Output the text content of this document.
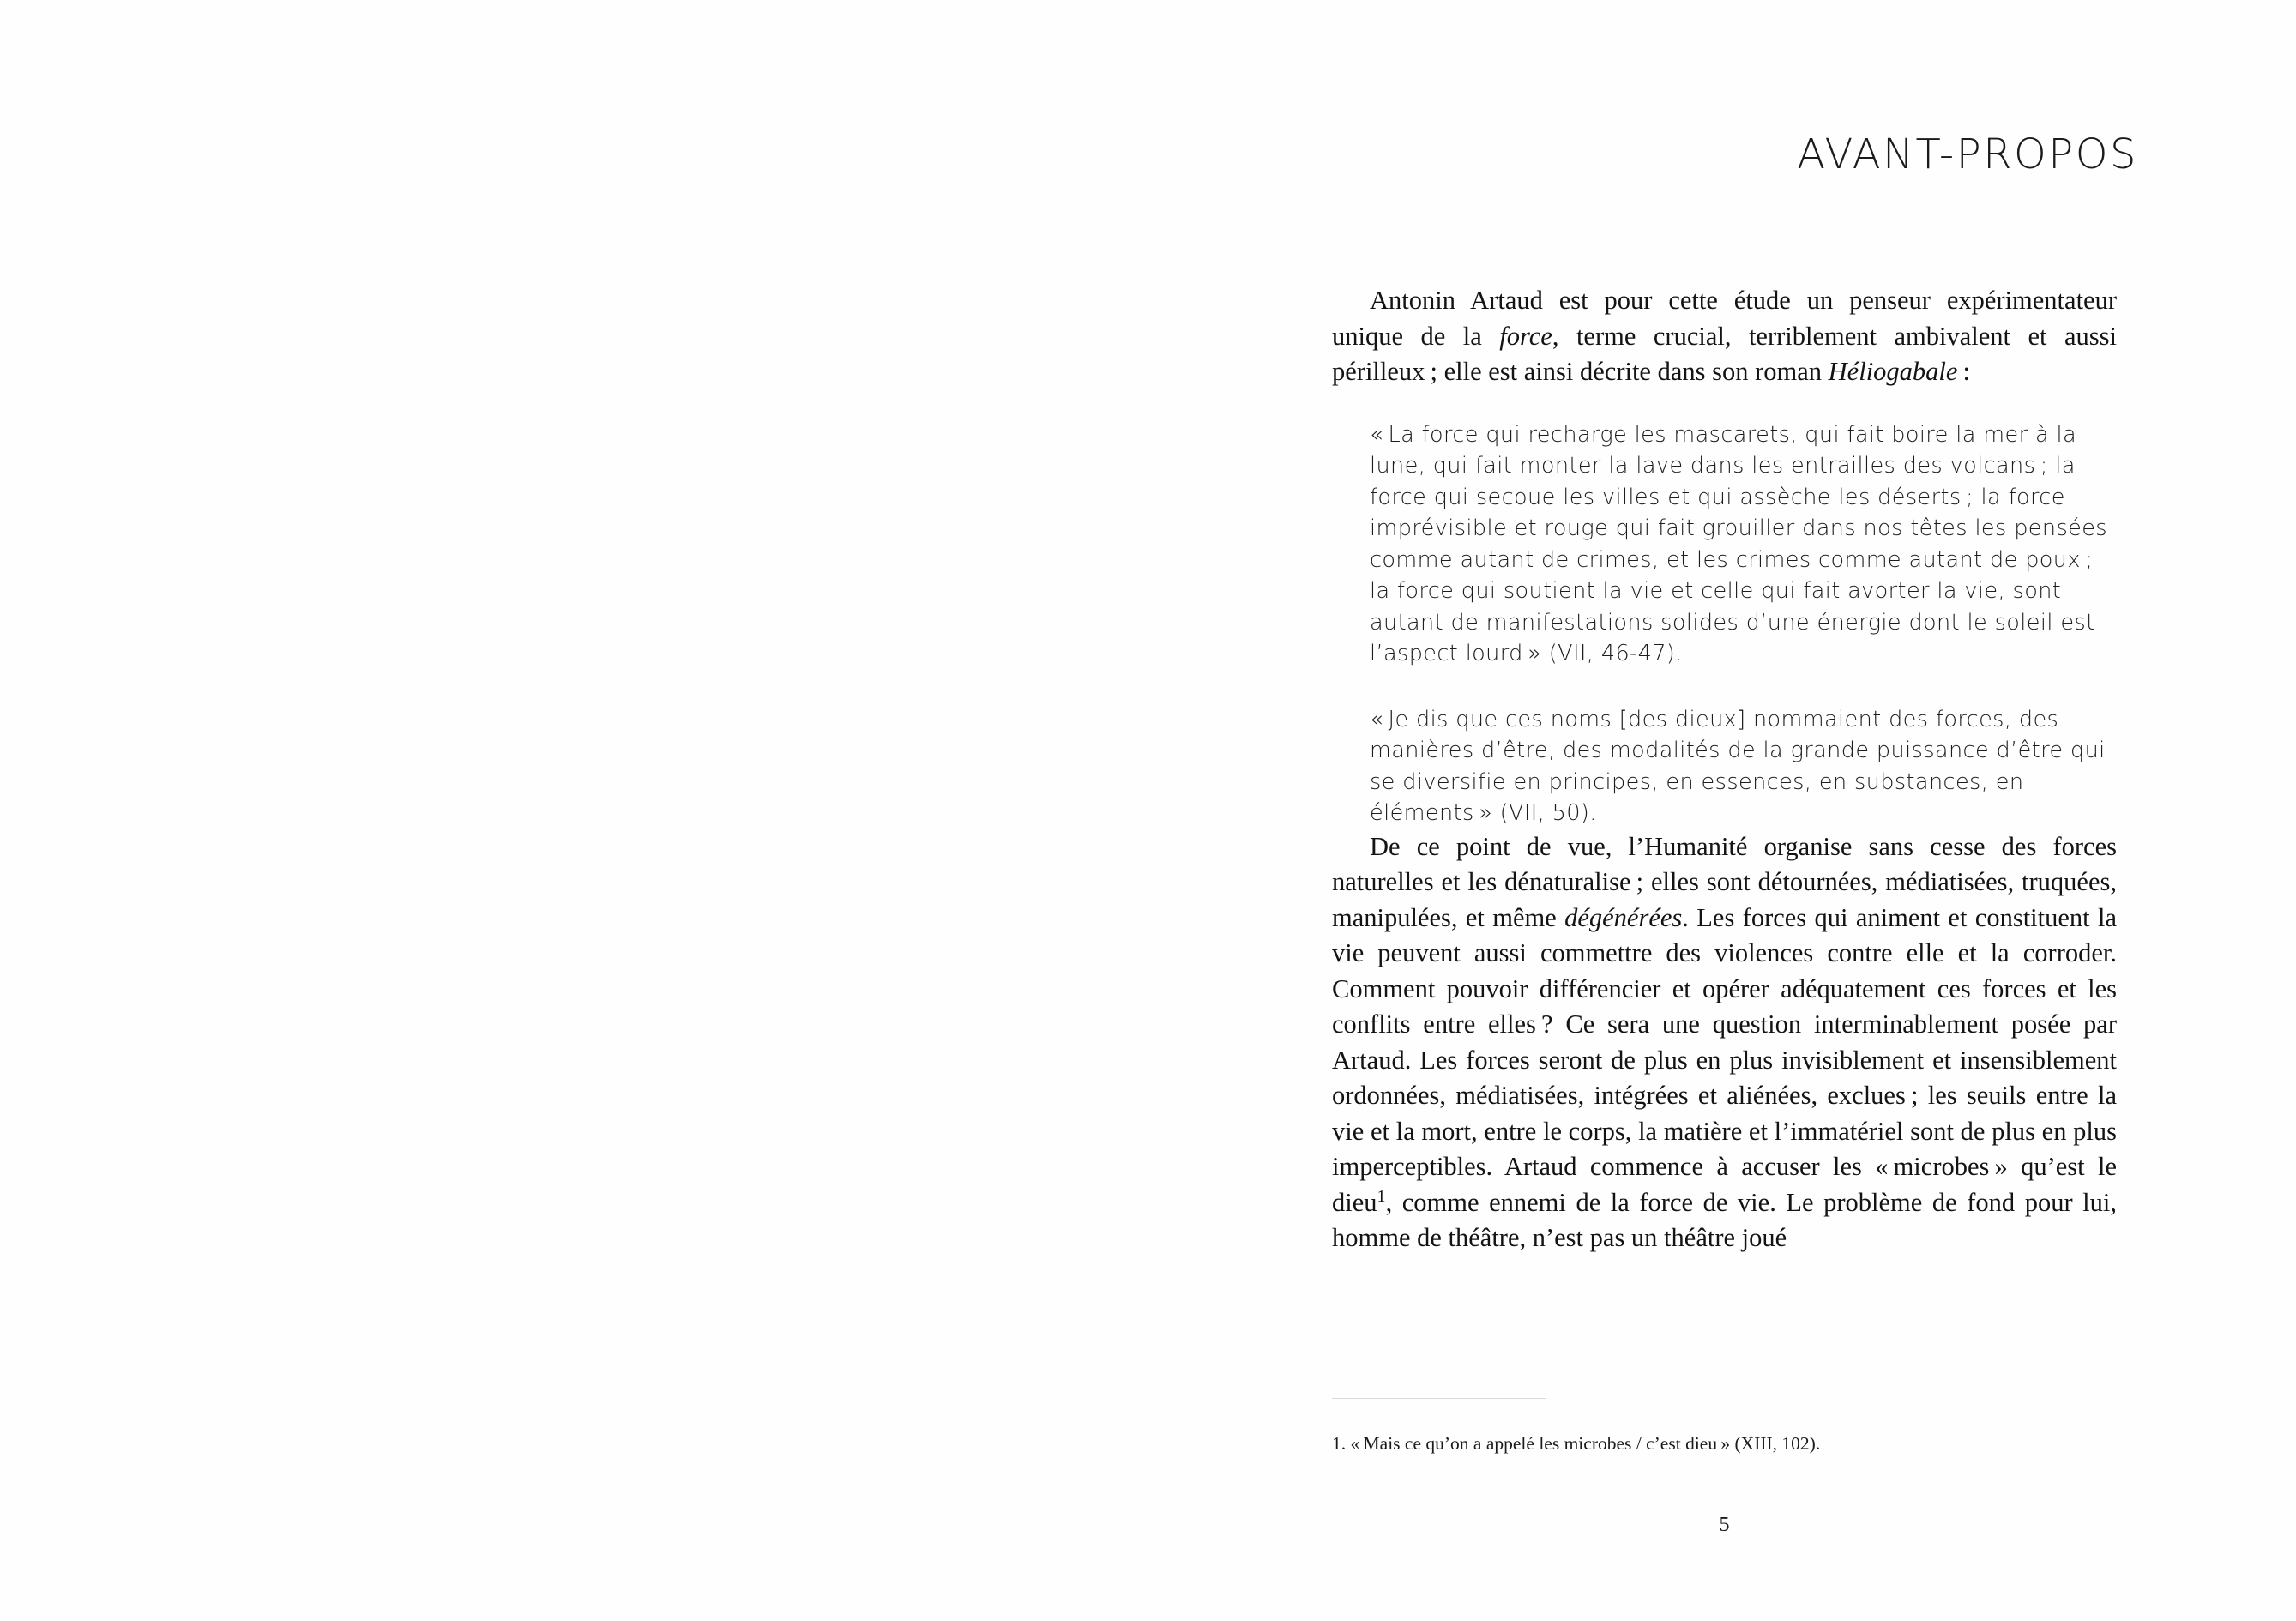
AVANT-PROPOS

Antonin Artaud est pour cette étude un penseur expérimentateur unique de la force, terme crucial, terriblement ambivalent et aussi périlleux ; elle est ainsi décrite dans son roman Héliogabale :

« La force qui recharge les mascarets, qui fait boire la mer à la lune, qui fait monter la lave dans les entrailles des volcans ; la force qui secoue les villes et qui assèche les déserts ; la force imprévisible et rouge qui fait grouiller dans nos têtes les pensées comme autant de crimes, et les crimes comme autant de poux ; la force qui soutient la vie et celle qui fait avorter la vie, sont autant de manifestations solides d’une énergie dont le soleil est l’aspect lourd » (VII, 46-47).

« Je dis que ces noms [des dieux] nommaient des forces, des manières d’être, des modalités de la grande puissance d’être qui se diversifie en principes, en essences, en substances, en éléments » (VII, 50).

De ce point de vue, l’Humanité organise sans cesse des forces naturelles et les dénaturalise ; elles sont détournées, médiatisées, truquées, manipulées, et même dégénérées. Les forces qui animent et constituent la vie peuvent aussi commettre des violences contre elle et la corroder. Comment pouvoir différencier et opérer adéquatement ces forces et les conflits entre elles ? Ce sera une question interminablement posée par Artaud. Les forces seront de plus en plus invisiblement et insensiblement ordonnées, médiatisées, intégrées et aliénées, exclues ; les seuils entre la vie et la mort, entre le corps, la matière et l’immatériel sont de plus en plus imperceptibles. Artaud commence à accuser les « microbes » qu’est le dieu$^1$, comme ennemi de la force de vie. Le problème de fond pour lui, homme de théâtre, n’est pas un théâtre joué

1. « Mais ce qu’on a appelé les microbes / c’est dieu » (XIII, 102).
5
